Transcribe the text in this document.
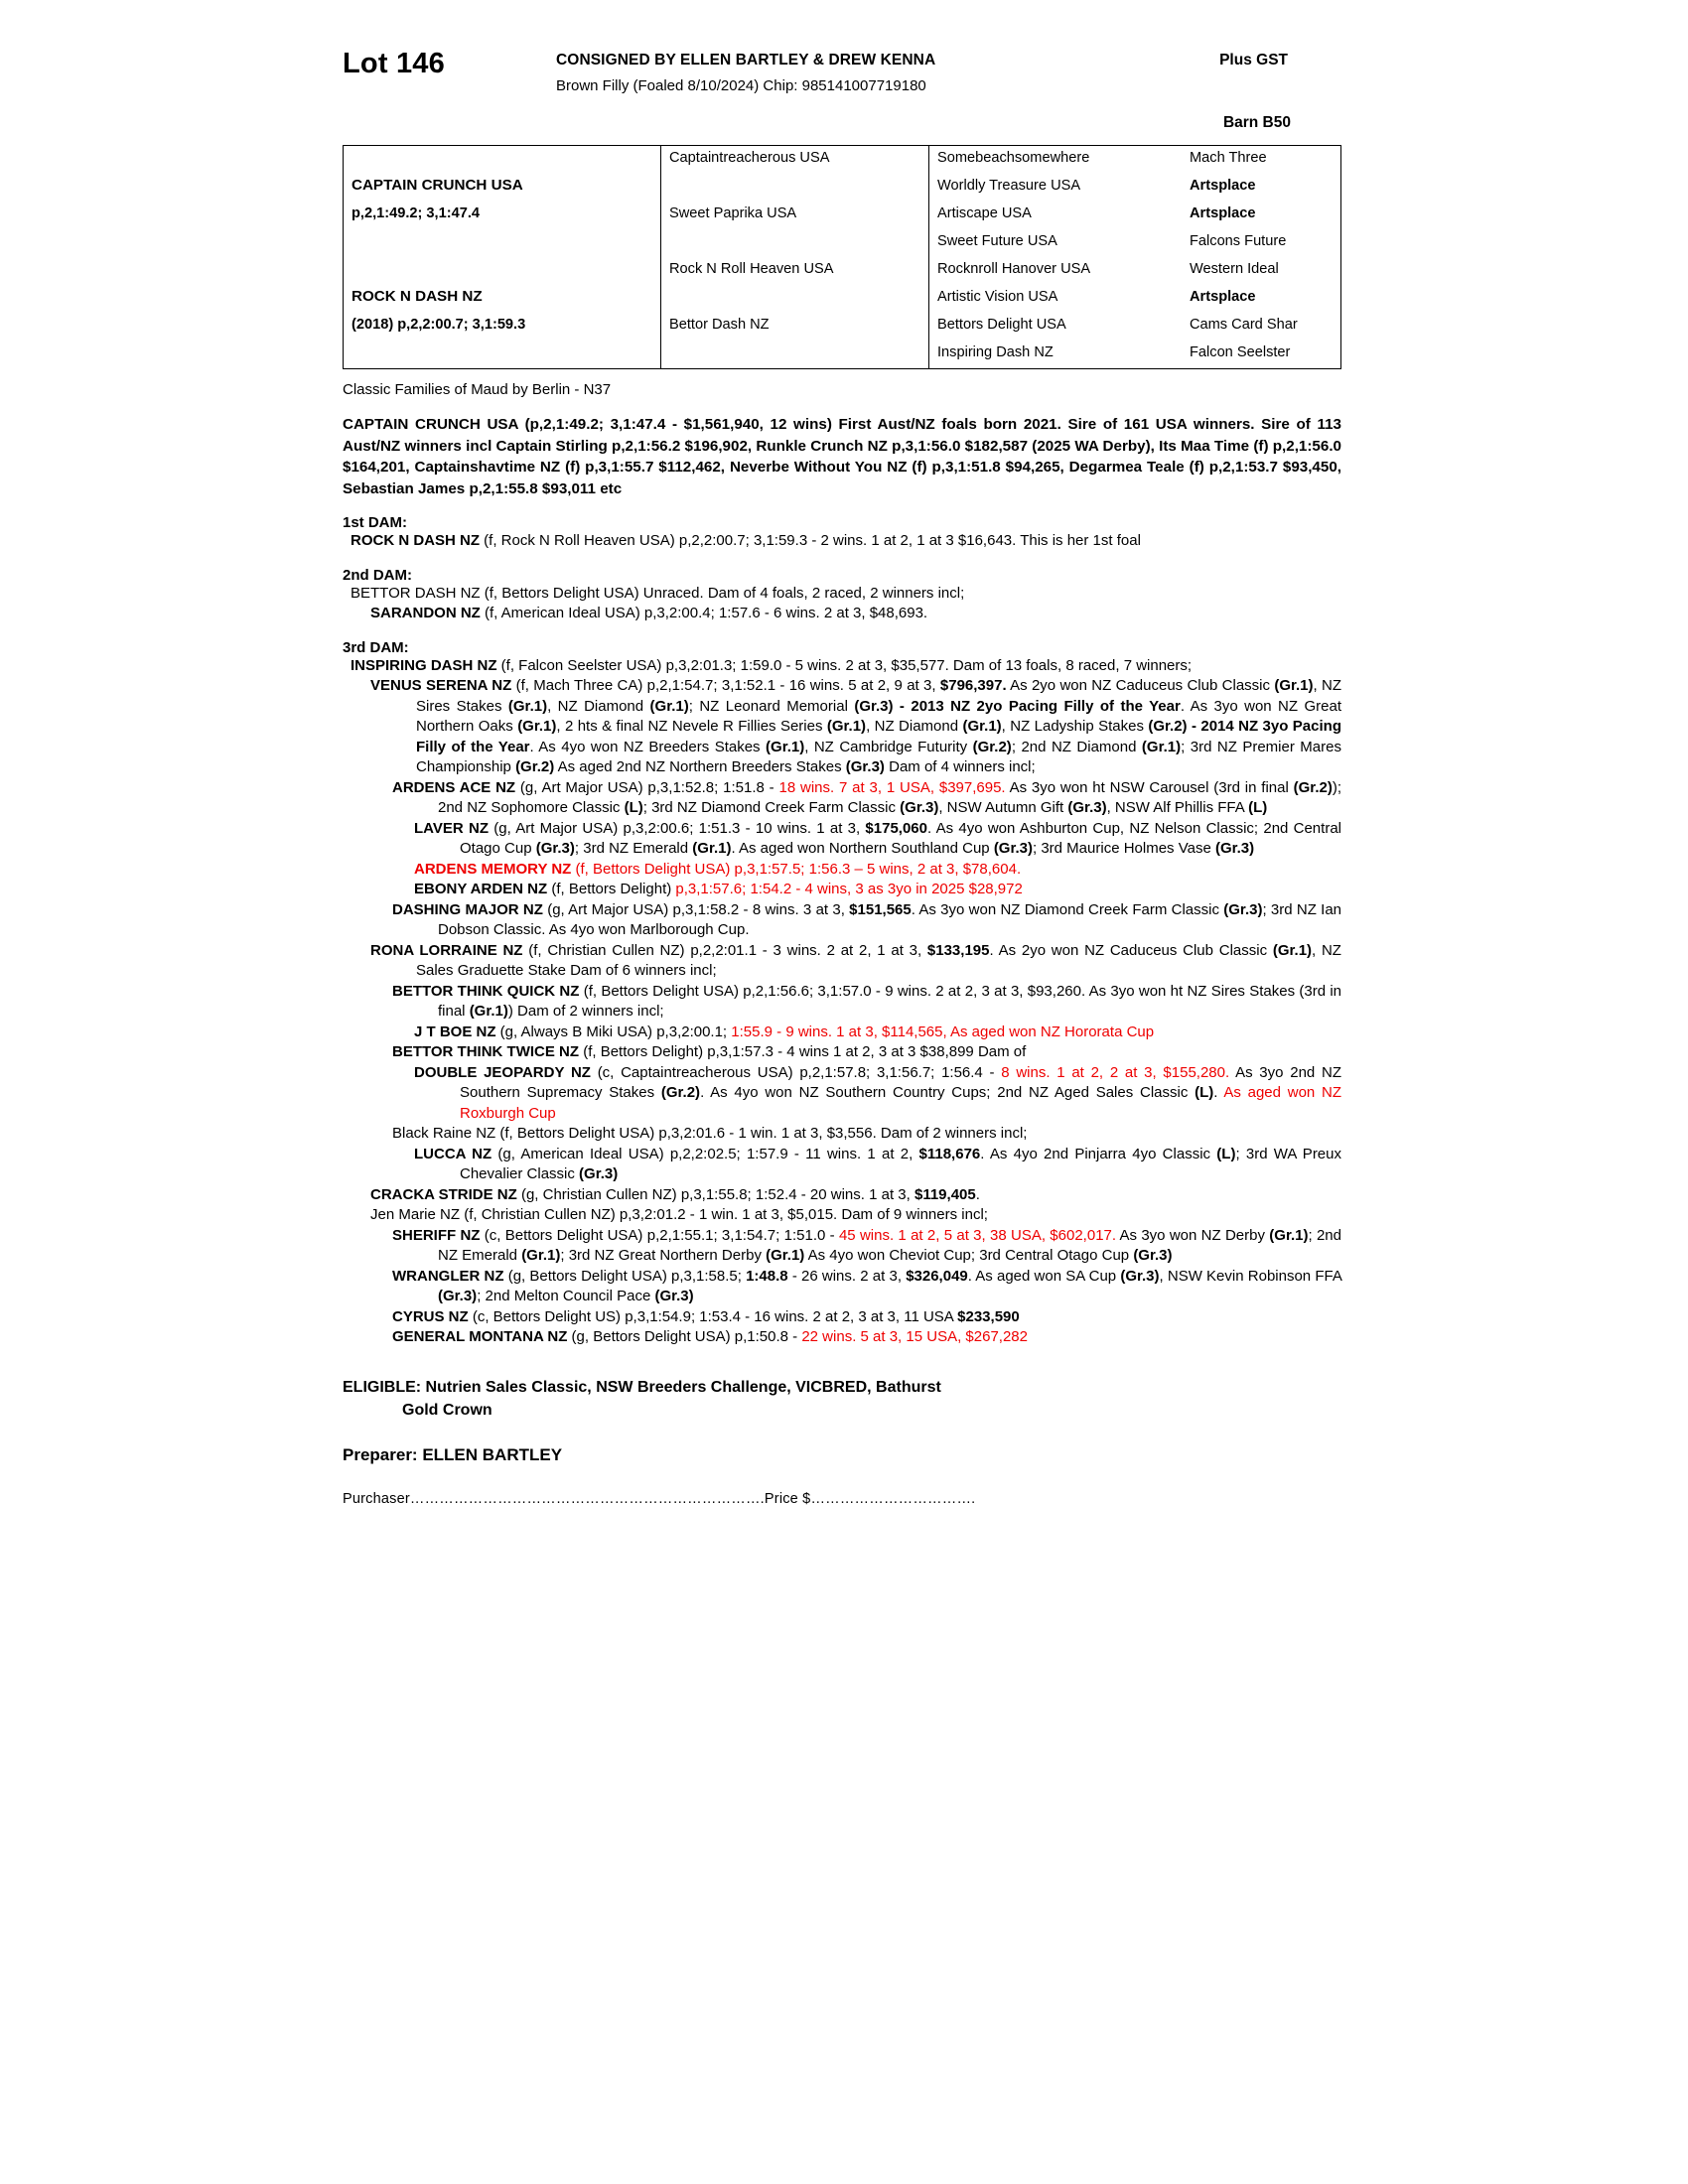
Lot 146	CONSIGNED BY ELLEN BARTLEY & DREW KENNA
Brown Filly (Foaled 8/10/2024) Chip: 985141007719180
Plus GST
Barn B50
	Captaintreacherous USA	Somebeachsomewhere	Mach Three
CAPTAIN CRUNCH USA		Worldly Treasure USA	Artsplace
p,2,1:49.2; 3,1:47.4	Sweet Paprika USA	Artiscape USA	Artsplace
		Sweet Future USA	Falcons Future
	Rock N Roll Heaven USA	Rocknroll Hanover USA	Western Ideal
ROCK N DASH NZ		Artistic Vision USA	Artsplace
(2018) p,2,2:00.7; 3,1:59.3	Bettor Dash NZ	Bettors Delight USA	Cams Card Shar
		Inspiring Dash NZ	Falcon Seelster
Classic Families of Maud by Berlin - N37
CAPTAIN CRUNCH USA (p,2,1:49.2; 3,1:47.4 - $1,561,940, 12 wins) First Aust/NZ foals born 2021. Sire of 161 USA winners. Sire of 113 Aust/NZ winners incl Captain Stirling p,2,1:56.2 $196,902, Runkle Crunch NZ p,3,1:56.0 $182,587 (2025 WA Derby), Its Maa Time (f) p,2,1:56.0 $164,201, Captainshavtime NZ (f) p,3,1:55.7 $112,462, Neverbe Without You NZ (f) p,3,1:51.8 $94,265, Degarmea Teale (f) p,2,1:53.7 $93,450, Sebastian James p,2,1:55.8 $93,011 etc
1st DAM:
ROCK N DASH NZ (f, Rock N Roll Heaven USA) p,2,2:00.7; 3,1:59.3 - 2 wins. 1 at 2, 1 at 3 $16,643. This is her 1st foal
2nd DAM:
BETTOR DASH NZ (f, Bettors Delight USA) Unraced. Dam of 4 foals, 2 raced, 2 winners incl;
SARANDON NZ (f, American Ideal USA) p,3,2:00.4; 1:57.6 - 6 wins. 2 at 3, $48,693.
3rd DAM:
INSPIRING DASH NZ (f, Falcon Seelster USA) p,3,2:01.3; 1:59.0 - 5 wins. 2 at 3, $35,577. Dam of 13 foals, 8 raced, 7 winners;
VENUS SERENA NZ (f, Mach Three CA) p,2,1:54.7; 3,1:52.1 - 16 wins. 5 at 2, 9 at 3, $796,397. As 2yo won NZ Caduceus Club Classic (Gr.1), NZ Sires Stakes (Gr.1), NZ Diamond (Gr.1); NZ Leonard Memorial (Gr.3) - 2013 NZ 2yo Pacing Filly of the Year. As 3yo won NZ Great Northern Oaks (Gr.1), 2 hts & final NZ Nevele R Fillies Series (Gr.1), NZ Diamond (Gr.1), NZ Ladyship Stakes (Gr.2) - 2014 NZ 3yo Pacing Filly of the Year. As 4yo won NZ Breeders Stakes (Gr.1), NZ Cambridge Futurity (Gr.2); 2nd NZ Diamond (Gr.1); 3rd NZ Premier Mares Championship (Gr.2) As aged 2nd NZ Northern Breeders Stakes (Gr.3) Dam of 4 winners incl;
ARDENS ACE NZ (g, Art Major USA) p,3,1:52.8; 1:51.8 - 18 wins. 7 at 3, 1 USA, $397,695. As 3yo won ht NSW Carousel (3rd in final (Gr.2)); 2nd NZ Sophomore Classic (L); 3rd NZ Diamond Creek Farm Classic (Gr.3), NSW Autumn Gift (Gr.3), NSW Alf Phillis FFA (L)
LAVER NZ (g, Art Major USA) p,3,2:00.6; 1:51.3 - 10 wins. 1 at 3, $175,060. As 4yo won Ashburton Cup, NZ Nelson Classic; 2nd Central Otago Cup (Gr.3); 3rd NZ Emerald (Gr.1). As aged won Northern Southland Cup (Gr.3); 3rd Maurice Holmes Vase (Gr.3)
ARDENS MEMORY NZ (f, Bettors Delight USA) p,3,1:57.5; 1:56.3 – 5 wins, 2 at 3, $78,604.
EBONY ARDEN NZ (f, Bettors Delight) p,3,1:57.6; 1:54.2 - 4 wins, 3 as 3yo in 2025 $28,972
DASHING MAJOR NZ (g, Art Major USA) p,3,1:58.2 - 8 wins. 3 at 3, $151,565. As 3yo won NZ Diamond Creek Farm Classic (Gr.3); 3rd NZ Ian Dobson Classic. As 4yo won Marlborough Cup.
RONA LORRAINE NZ (f, Christian Cullen NZ) p,2,2:01.1 - 3 wins. 2 at 2, 1 at 3, $133,195. As 2yo won NZ Caduceus Club Classic (Gr.1), NZ Sales Graduette Stake Dam of 6 winners incl;
BETTOR THINK QUICK NZ (f, Bettors Delight USA) p,2,1:56.6; 3,1:57.0 - 9 wins. 2 at 2, 3 at 3, $93,260. As 3yo won ht NZ Sires Stakes (3rd in final (Gr.1)) Dam of 2 winners incl;
J T BOE NZ (g, Always B Miki USA) p,3,2:00.1; 1:55.9 - 9 wins. 1 at 3, $114,565, As aged won NZ Hororata Cup
BETTOR THINK TWICE NZ (f, Bettors Delight) p,3,1:57.3 - 4 wins 1 at 2, 3 at 3 $38,899 Dam of
DOUBLE JEOPARDY NZ (c, Captaintreacherous USA) p,2,1:57.8; 3,1:56.7; 1:56.4 - 8 wins. 1 at 2, 2 at 3, $155,280. As 3yo 2nd NZ Southern Supremacy Stakes (Gr.2). As 4yo won NZ Southern Country Cups; 2nd NZ Aged Sales Classic (L). As aged won NZ Roxburgh Cup
Black Raine NZ (f, Bettors Delight USA) p,3,2:01.6 - 1 win. 1 at 3, $3,556. Dam of 2 winners incl;
LUCCA NZ (g, American Ideal USA) p,2,2:02.5; 1:57.9 - 11 wins. 1 at 2, $118,676. As 4yo 2nd Pinjarra 4yo Classic (L); 3rd WA Preux Chevalier Classic (Gr.3)
CRACKA STRIDE NZ (g, Christian Cullen NZ) p,3,1:55.8; 1:52.4 - 20 wins. 1 at 3, $119,405.
Jen Marie NZ (f, Christian Cullen NZ) p,3,2:01.2 - 1 win. 1 at 3, $5,015. Dam of 9 winners incl;
SHERIFF NZ (c, Bettors Delight USA) p,2,1:55.1; 3,1:54.7; 1:51.0 - 45 wins. 1 at 2, 5 at 3, 38 USA, $602,017. As 3yo won NZ Derby (Gr.1); 2nd NZ Emerald (Gr.1); 3rd NZ Great Northern Derby (Gr.1) As 4yo won Cheviot Cup; 3rd Central Otago Cup (Gr.3)
WRANGLER NZ (g, Bettors Delight USA) p,3,1:58.5; 1:48.8 - 26 wins. 2 at 3, $326,049. As aged won SA Cup (Gr.3), NSW Kevin Robinson FFA (Gr.3); 2nd Melton Council Pace (Gr.3)
CYRUS NZ (c, Bettors Delight US) p,3,1:54.9; 1:53.4 - 16 wins. 2 at 2, 3 at 3, 11 USA $233,590
GENERAL MONTANA NZ (g, Bettors Delight USA) p,1:50.8 - 22 wins. 5 at 3, 15 USA, $267,282
ELIGIBLE: Nutrien Sales Classic, NSW Breeders Challenge, VICBRED, Bathurst
Gold Crown
Preparer: ELLEN BARTLEY
Purchaser……………………………………………………………….Price $…………………………….
